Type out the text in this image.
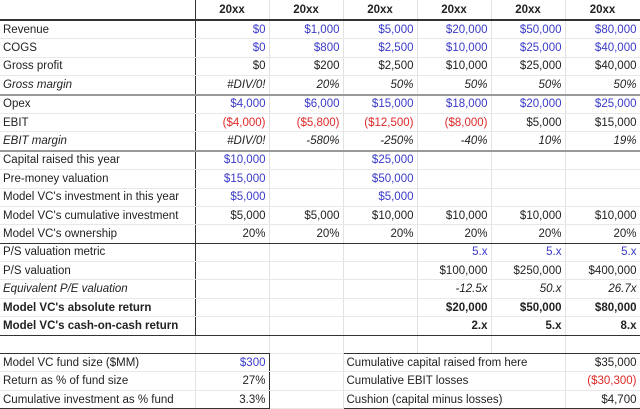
	20xx	20xx	20xx	20xx	20xx	20xx
Revenue	$0	$1,000	$5,000	$20,000	$50,000	$80,000
COGS	$0	$800	$2,500	$10,000	$25,000	$40,000
Gross profit	$0	$200	$2,500	$10,000	$25,000	$40,000
Gross margin	#DIV/0!	20%	50%	50%	50%	50%
Opex	$4,000	$6,000	$15,000	$18,000	$20,000	$25,000
EBIT	($4,000)	($5,800)	($12,500)	($8,000)	$5,000	$15,000
EBIT margin	#DIV/0!	-580%	-250%	-40%	10%	19%
Capital raised this year	$10,000		$25,000			
Pre-money valuation	$15,000		$50,000			
Model VC's investment in this year	$5,000		$5,000			
Model VC's cumulative investment	$5,000	$5,000	$10,000	$10,000	$10,000	$10,000
Model VC's ownership	20%	20%	20%	20%	20%	20%
P/S valuation metric				5.x	5.x	5.x
P/S valuation				$100,000	$250,000	$400,000
Equivalent P/E valuation				-12.5x	50.x	26.7x
Model VC's absolute return				$20,000	$50,000	$80,000
Model VC's cash-on-cash return				2.x	5.x	8.x

Model VC fund size ($MM)	$300		Cumulative capital raised from here			$35,000
Return as % of fund size	27%		Cumulative EBIT losses			($30,300)
Cumulative investment as % fund	3.3%		Cushion (capital minus losses)			$4,700
